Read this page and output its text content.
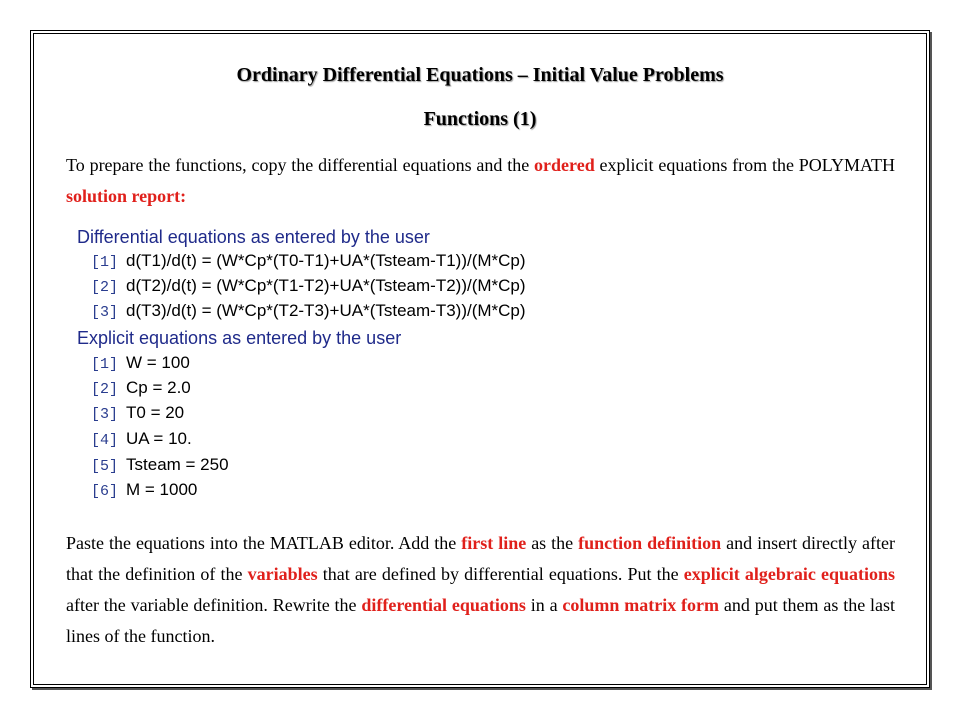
Ordinary Differential Equations – Initial Value Problems
Functions (1)
To prepare the functions, copy the differential equations and the ordered explicit equations from the POLYMATH solution report:
Differential equations as entered by the user
[1] d(T1)/d(t) = (W*Cp*(T0-T1)+UA*(Tsteam-T1))/(M*Cp)
[2] d(T2)/d(t) = (W*Cp*(T1-T2)+UA*(Tsteam-T2))/(M*Cp)
[3] d(T3)/d(t) = (W*Cp*(T2-T3)+UA*(Tsteam-T3))/(M*Cp)
Explicit equations as entered by the user
[1] W = 100
[2] Cp = 2.0
[3] T0 = 20
[4] UA = 10.
[5] Tsteam = 250
[6] M = 1000
Paste the equations into the MATLAB editor. Add the first line as the function definition and insert directly after that the definition of the variables that are defined by differential equations. Put the explicit algebraic equations after the variable definition. Rewrite the differential equations in a column matrix form and put them as the last lines of the function.
